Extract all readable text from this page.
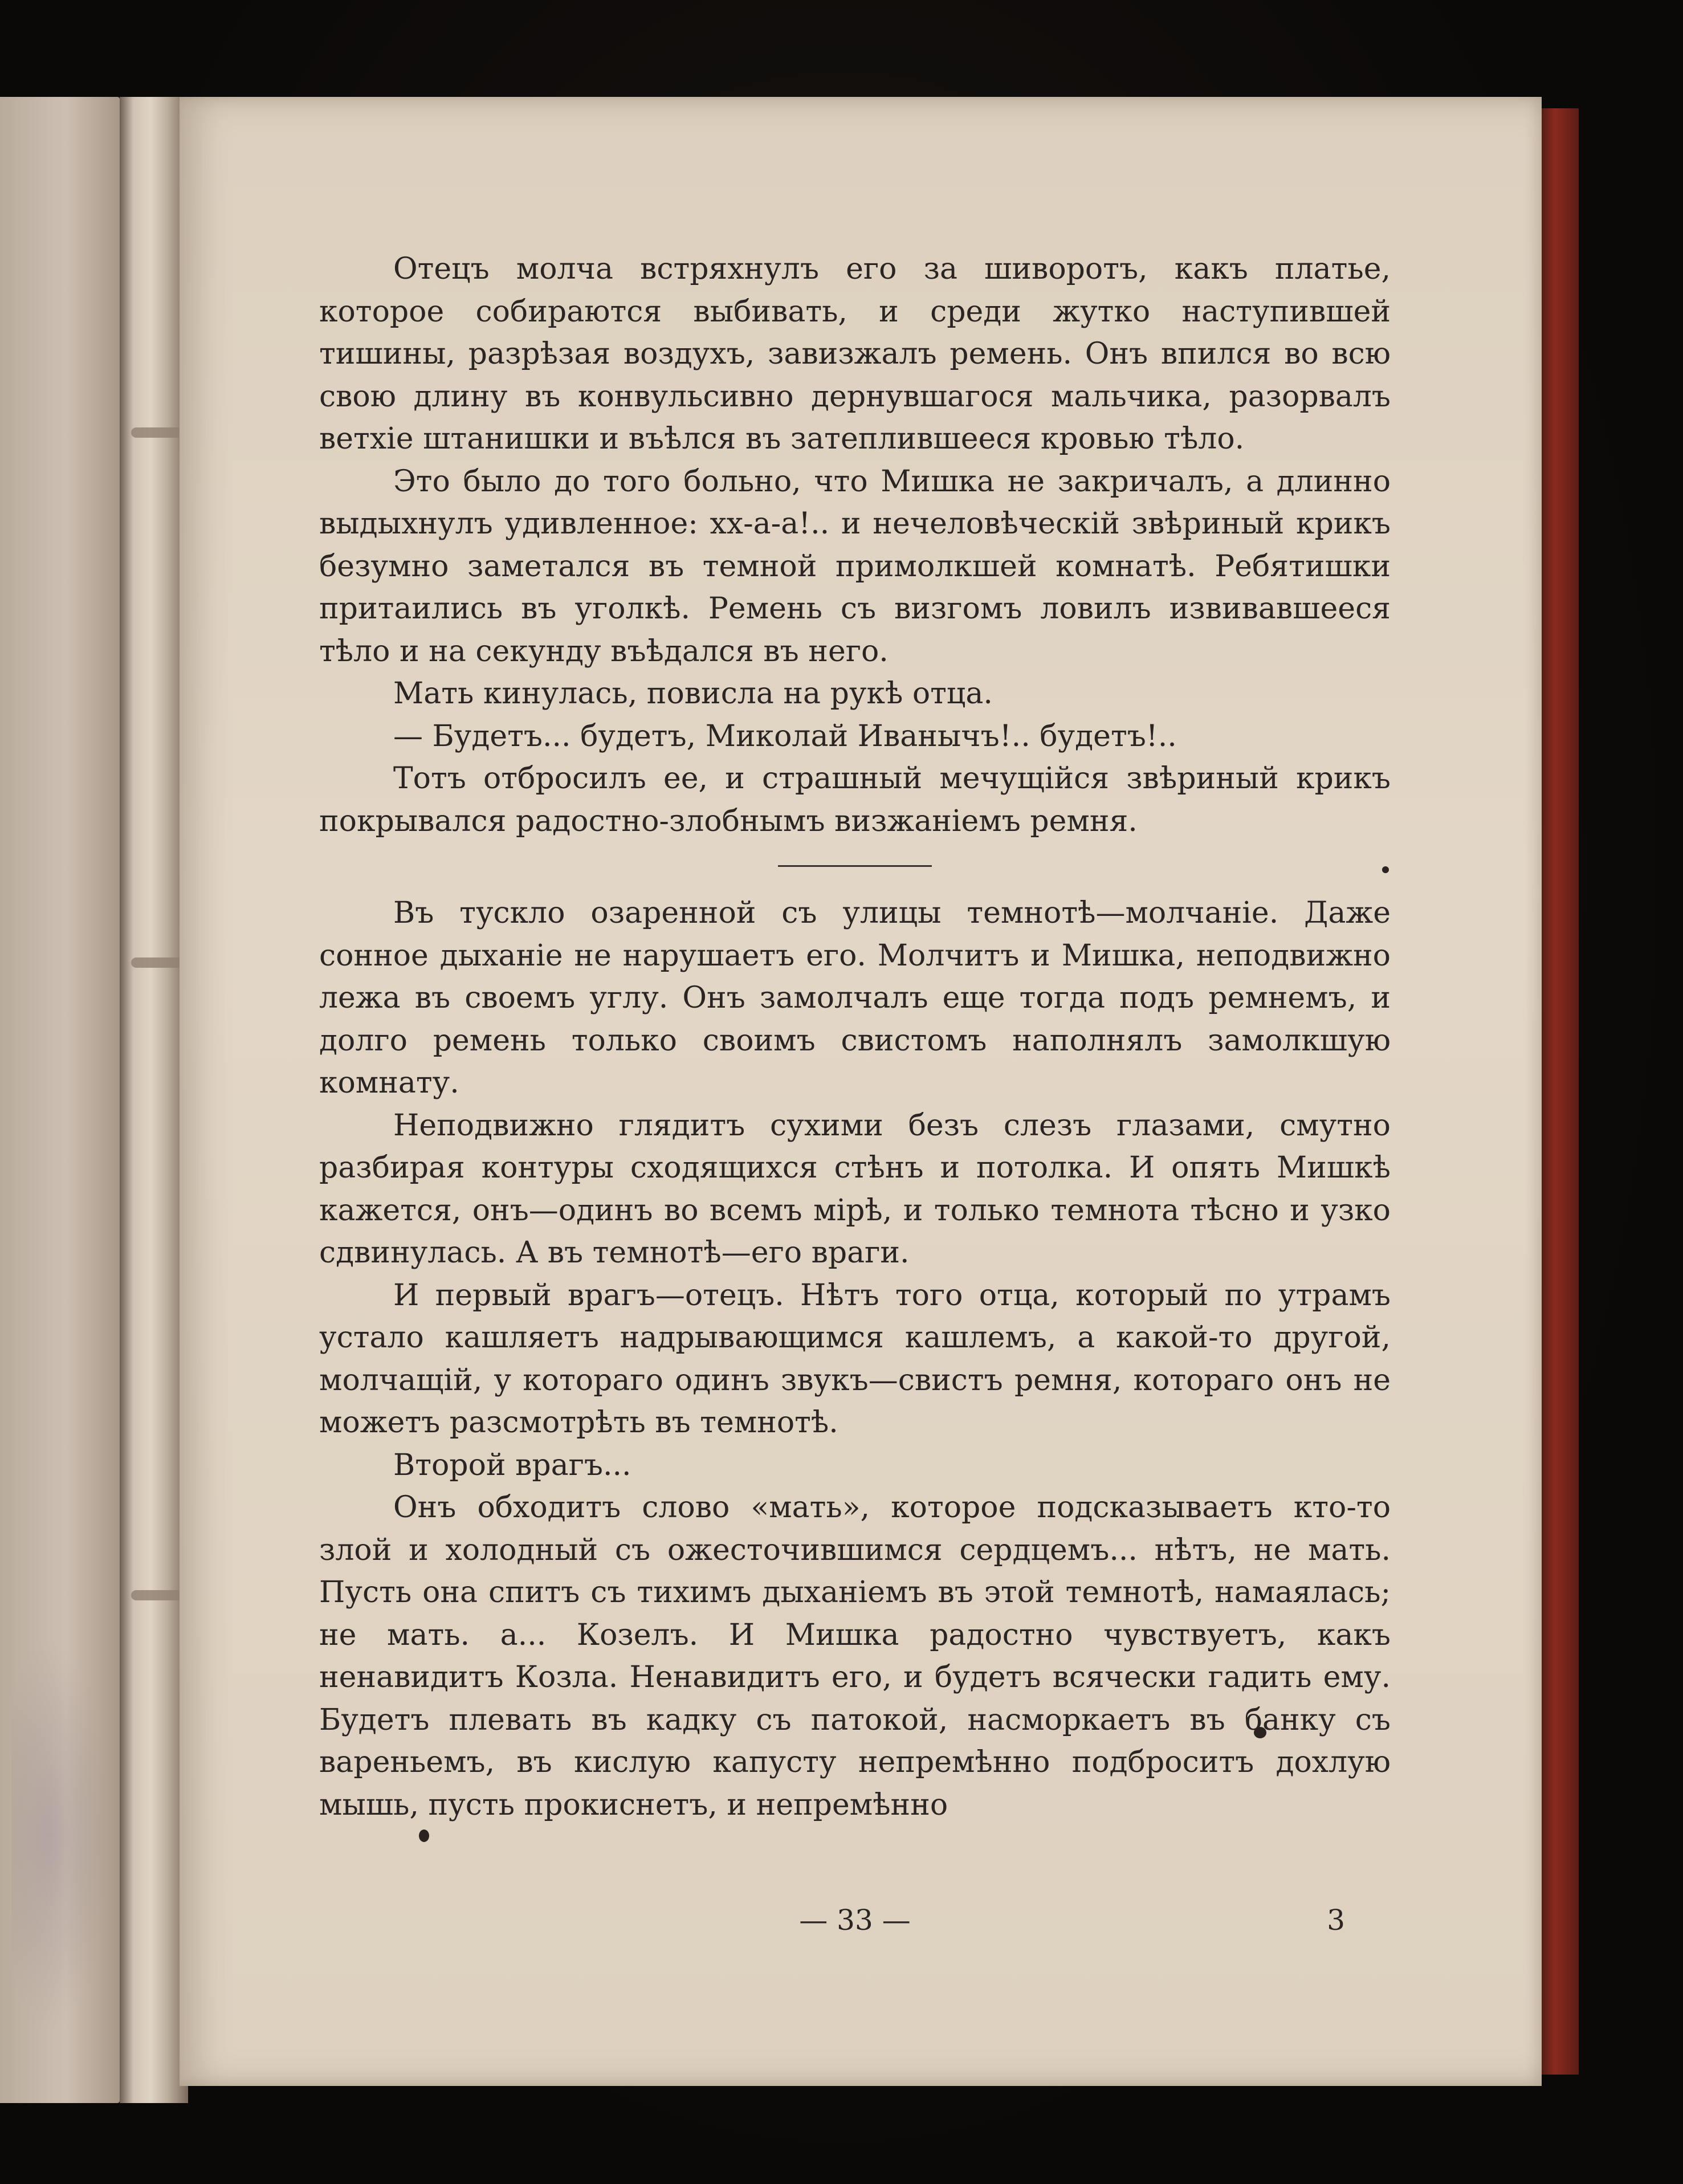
Отецъ молча встряхнулъ его за шиворотъ, какъ платье, которое собираются выбивать, и среди жутко наступившей тишины, разрѣзая воздухъ, завизжалъ ремень. Онъ впился во всю свою длину въ конвульсивно дернувшагося мальчика, разорвалъ ветхіе штанишки и въѣлся въ затеплившееся кровью тѣло.

Это было до того больно, что Мишка не закричалъ, а длинно выдыхнулъ удивленное: хх-а-а!.. и нечеловѣческій звѣриный крикъ безумно заметался въ темной примолкшей комнатѣ. Ребятишки притаились въ уголкѣ. Ремень съ визгомъ ловилъ извивавшееся тѣло и на секунду въѣдался въ него.

Мать кинулась, повисла на рукѣ отца.

— Будетъ... будетъ, Миколай Иванычъ!.. будетъ!..

Тотъ отбросилъ ее, и страшный мечущійся звѣриный крикъ покрывался радостно-злобнымъ визжаніемъ ремня.

Въ тускло озаренной съ улицы темнотѣ—молчаніе. Даже сонное дыханіе не нарушаетъ его. Молчитъ и Мишка, неподвижно лежа въ своемъ углу. Онъ замолчалъ еще тогда подъ ремнемъ, и долго ремень только своимъ свистомъ наполнялъ замолкшую комнату.

Неподвижно глядитъ сухими безъ слезъ глазами, смутно разбирая контуры сходящихся стѣнъ и потолка. И опять Мишкѣ кажется, онъ—одинъ во всемъ мірѣ, и только темнота тѣсно и узко сдвинулась. А въ темнотѣ—его враги.

И первый врагъ—отецъ. Нѣтъ того отца, который по утрамъ устало кашляетъ надрывающимся кашлемъ, а какой-то другой, молчащій, у котораго одинъ звукъ—свистъ ремня, котораго онъ не можетъ разсмотрѣть въ темнотѣ.

Второй врагъ...

Онъ обходитъ слово «мать», которое подсказываетъ кто-то злой и холодный съ ожесточившимся сердцемъ... нѣтъ, не мать. Пусть она спитъ съ тихимъ дыханіемъ въ этой темнотѣ, намаялась; не мать. а... Козелъ. И Мишка радостно чувствуетъ, какъ ненавидитъ Козла. Ненавидитъ его, и будетъ всячески гадить ему. Будетъ плевать въ кадку съ патокой, насморкаетъ въ банку съ вареньемъ, въ кислую капусту непремѣнно подброситъ дохлую мышь, пусть прокиснетъ, и непремѣнно

— 33 —	3
